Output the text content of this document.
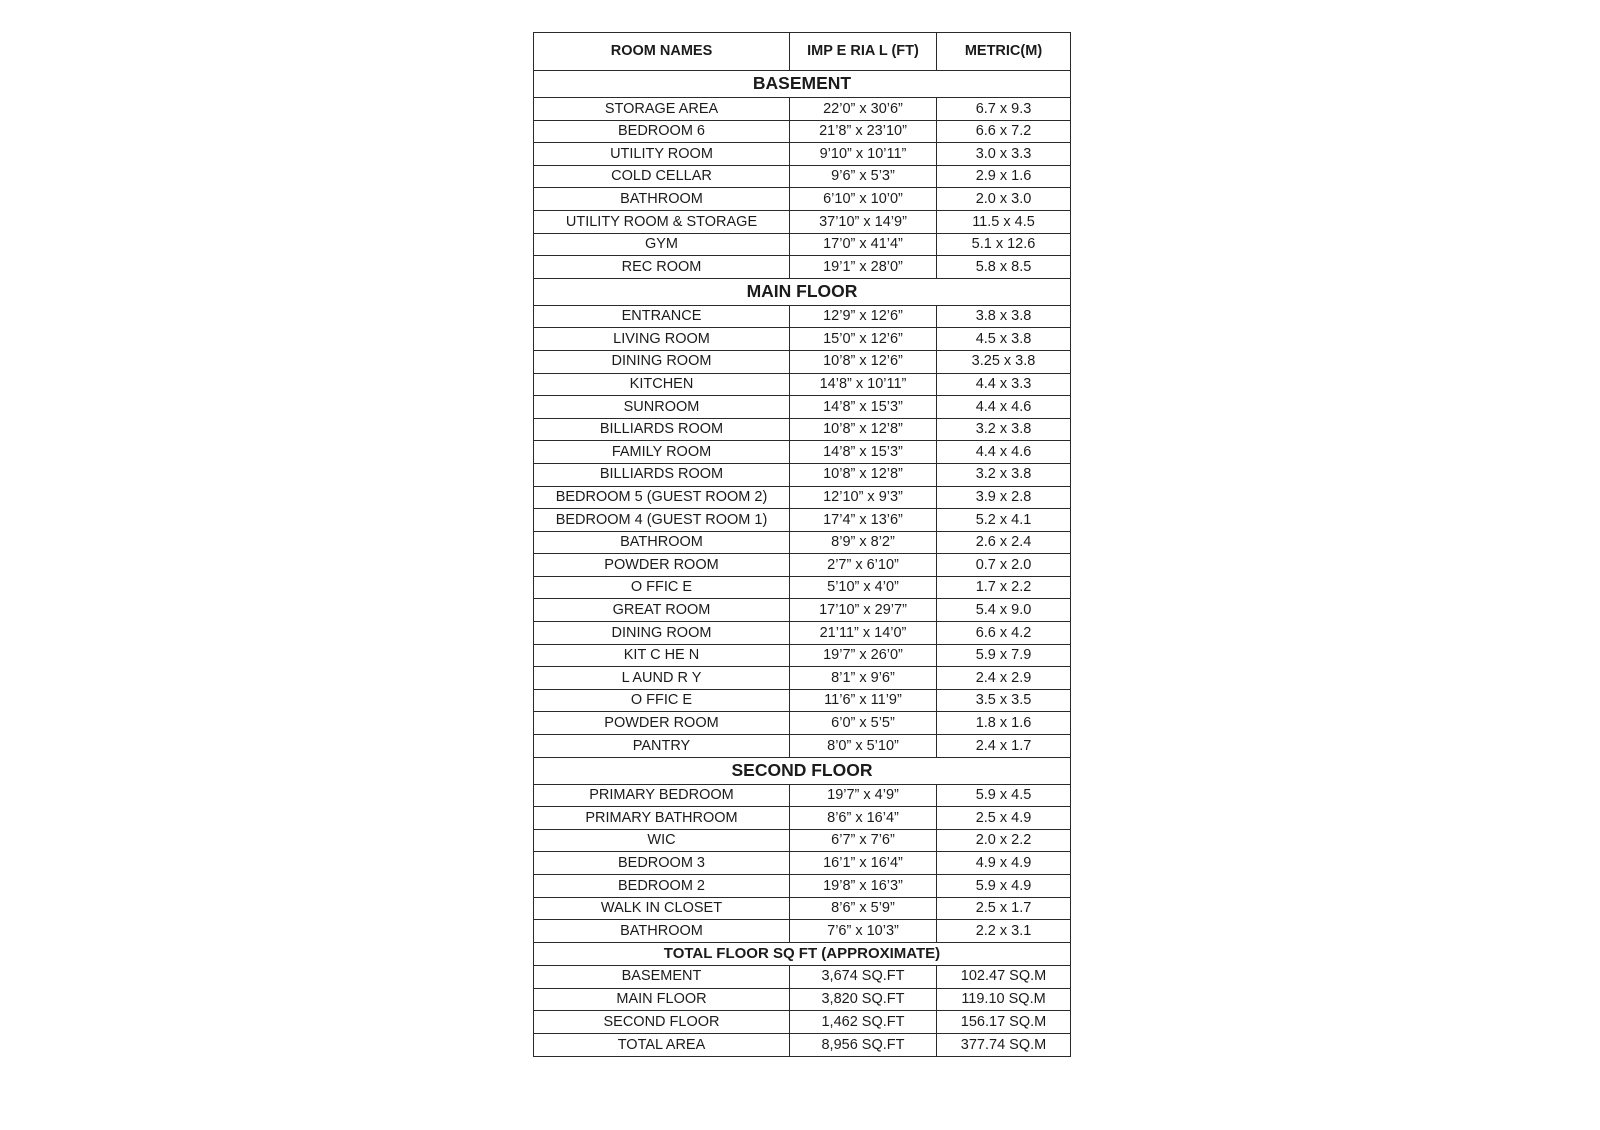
ROOM NAMES	IMP E RIA L (FT)	METRIC(M)
BASEMENT		
STORAGE AREA	22’0” x 30’6”	6.7 x 9.3
BEDROOM 6	21’8” x 23’10”	6.6 x 7.2
UTILITY ROOM	9’10” x 10’11”	3.0 x 3.3
COLD CELLAR	9’6” x 5’3”	2.9 x 1.6
BATHROOM	6’10” x 10’0”	2.0 x 3.0
UTILITY ROOM & STORAGE	37’10” x 14’9”	11.5 x 4.5
GYM	17’0” x 41’4”	5.1 x 12.6
REC ROOM	19’1” x 28’0”	5.8 x 8.5
MAIN FLOOR		
ENTRANCE	12’9” x 12’6”	3.8 x 3.8
LIVING ROOM	15’0” x 12’6”	4.5 x 3.8
DINING ROOM	10’8” x 12’6”	3.25 x 3.8
KITCHEN	14’8” x 10’11”	4.4 x 3.3
SUNROOM	14’8” x 15’3”	4.4 x 4.6
BILLIARDS ROOM	10’8” x 12’8”	3.2 x 3.8
FAMILY ROOM	14’8” x 15’3”	4.4 x 4.6
BILLIARDS ROOM	10’8” x 12’8”	3.2 x 3.8
BEDROOM 5 (GUEST ROOM 2)	12’10” x 9’3”	3.9 x 2.8
BEDROOM 4 (GUEST ROOM 1)	17’4” x 13’6”	5.2 x 4.1
BATHROOM	8’9” x 8’2”	2.6 x 2.4
POWDER ROOM	2’7” x 6’10”	0.7 x 2.0
O FFIC E	5’10” x 4’0”	1.7 x 2.2
GREAT ROOM	17’10” x 29’7”	5.4 x 9.0
DINING ROOM	21’11” x 14’0”	6.6 x 4.2
KIT C HE N	19’7” x 26’0”	5.9 x 7.9
L AUND R Y	8’1” x 9’6”	2.4 x 2.9
O FFIC E	11’6” x 11’9”	3.5 x 3.5
POWDER ROOM	6’0” x 5’5”	1.8 x 1.6
PANTRY	8’0” x 5’10”	2.4 x 1.7
SECOND FLOOR		
PRIMARY BEDROOM	19’7” x 4’9”	5.9 x 4.5
PRIMARY BATHROOM	8’6” x 16’4”	2.5 x 4.9
WIC	6’7” x 7’6”	2.0 x 2.2
BEDROOM 3	16’1” x 16’4”	4.9 x 4.9
BEDROOM 2	19’8” x 16’3”	5.9 x 4.9
WALK IN CLOSET	8’6” x 5’9”	2.5 x 1.7
BATHROOM	7’6” x 10’3”	2.2 x 3.1
TOTAL FLOOR SQ FT (APPROXIMATE)		
BASEMENT	3,674 SQ.FT	102.47 SQ.M
MAIN FLOOR	3,820 SQ.FT	119.10 SQ.M
SECOND FLOOR	1,462 SQ.FT	156.17 SQ.M
TOTAL AREA	8,956 SQ.FT	377.74 SQ.M
